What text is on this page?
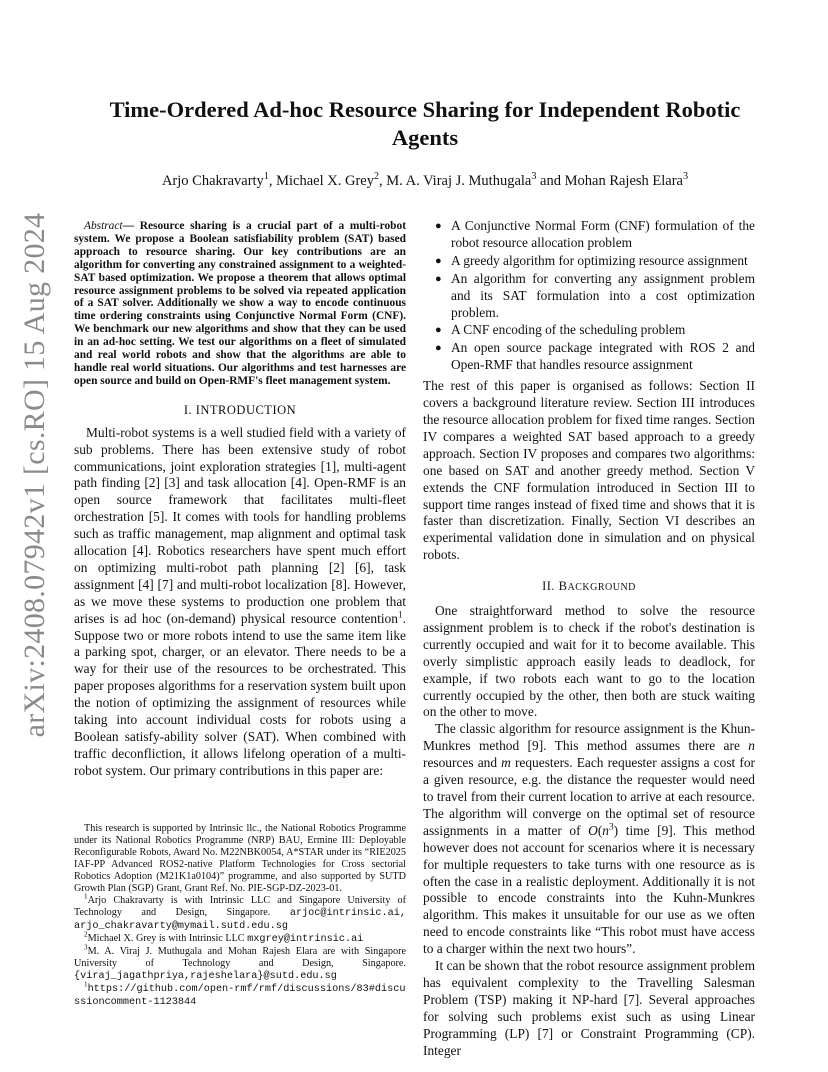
arXiv:2408.07942v1 [cs.RO] 15 Aug 2024
Time-Ordered Ad-hoc Resource Sharing for Independent Robotic Agents
Arjo Chakravarty$^1$, Michael X. Grey$^2$, M. A. Viraj J. Muthugala$^3$ and Mohan Rajesh Elara$^3$

Abstract— Resource sharing is a crucial part of a multi-robot system. We propose a Boolean satisfiability problem (SAT) based approach to resource sharing. Our key contributions are an algorithm for converting any constrained assignment to a weighted-SAT based optimization. We propose a theorem that allows optimal resource assignment problems to be solved via repeated application of a SAT solver. Additionally we show a way to encode continuous time ordering constraints using Conjunctive Normal Form (CNF). We benchmark our new algorithms and show that they can be used in an ad-hoc setting. We test our algorithms on a fleet of simulated and real world robots and show that the algorithms are able to handle real world situations. Our algorithms and test harnesses are open source and build on Open-RMF's fleet management system.

I. INTRODUCTION

Multi-robot systems is a well studied field with a variety of sub problems. There has been extensive study of robot communications, joint exploration strategies [1], multi-agent path finding [2] [3] and task allocation [4]. Open-RMF is an open source framework that facilitates multi-fleet orchestration [5]. It comes with tools for handling problems such as traffic management, map alignment and optimal task allocation [4]. Robotics researchers have spent much effort on optimizing multi-robot path planning [2] [6], task assignment [4] [7] and multi-robot localization [8]. However, as we move these systems to production one problem that arises is ad hoc (on-demand) physical resource contention$^1$. Suppose two or more robots intend to use the same item like a parking spot, charger, or an elevator. There needs to be a way for their use of the resources to be orchestrated. This paper proposes algorithms for a reservation system built upon the notion of optimizing the assignment of resources while taking into account individual costs for robots using a Boolean satisfy-ability solver (SAT). When combined with traffic deconfliction, it allows lifelong operation of a multi-robot system. Our primary contributions in this paper are:

This research is supported by Intrinsic llc., the National Robotics Programme under its National Robotics Programme (NRP) BAU, Ermine III: Deployable Reconfigurable Robots, Award No. M22NBK0054, A*STAR under its “RIE2025 IAF-PP Advanced ROS2-native Platform Technologies for Cross sectorial Robotics Adoption (M21K1a0104)” programme, and also supported by SUTD Growth Plan (SGP) Grant, Grant Ref. No. PIE-SGP-DZ-2023-01.

$^1$Arjo Chakravarty is with Intrinsic LLC and Singapore University of Technology and Design, Singapore. arjoc@intrinsic.ai, arjo_chakravarty@mymail.sutd.edu.sg

$^2$Michael X. Grey is with Intrinsic LLC mxgrey@intrinsic.ai

$^3$M. A. Viraj J. Muthugala and Mohan Rajesh Elara are with Singapore University of Technology and Design, Singapore. {viraj_jagathpriya,rajeshelara}@sutd.edu.sg

$^1$https://github.com/open-rmf/rmf/discussions/83#discussioncomment-1123844

● A Conjunctive Normal Form (CNF) formulation of the robot resource allocation problem
● A greedy algorithm for optimizing resource assignment
● An algorithm for converting any assignment problem and its SAT formulation into a cost optimization problem.
● A CNF encoding of the scheduling problem
● An open source package integrated with ROS 2 and Open-RMF that handles resource assignment

The rest of this paper is organised as follows: Section II covers a background literature review. Section III introduces the resource allocation problem for fixed time ranges. Section IV compares a weighted SAT based approach to a greedy approach. Section IV proposes and compares two algorithms: one based on SAT and another greedy method. Section V extends the CNF formulation introduced in Section III to support time ranges instead of fixed time and shows that it is faster than discretization. Finally, Section VI describes an experimental validation done in simulation and on physical robots.

II. BACKGROUND

One straightforward method to solve the resource assignment problem is to check if the robot's destination is currently occupied and wait for it to become available. This overly simplistic approach easily leads to deadlock, for example, if two robots each want to go to the location currently occupied by the other, then both are stuck waiting on the other to move.

The classic algorithm for resource assignment is the Khun-Munkres method [9]. This method assumes there are n resources and m requesters. Each requester assigns a cost for a given resource, e.g. the distance the requester would need to travel from their current location to arrive at each resource. The algorithm will converge on the optimal set of resource assignments in a matter of $O(n^3)$ time [9]. This method however does not account for scenarios where it is necessary for multiple requesters to take turns with one resource as is often the case in a realistic deployment. Additionally it is not possible to encode constraints into the Kuhn-Munkres algorithm. This makes it unsuitable for our use as we often need to encode constraints like “This robot must have access to a charger within the next two hours”.

It can be shown that the robot resource assignment problem has equivalent complexity to the Travelling Salesman Problem (TSP) making it NP-hard [7]. Several approaches for solving such problems exist such as using Linear Programming (LP) [7] or Constraint Programming (CP). Integer
